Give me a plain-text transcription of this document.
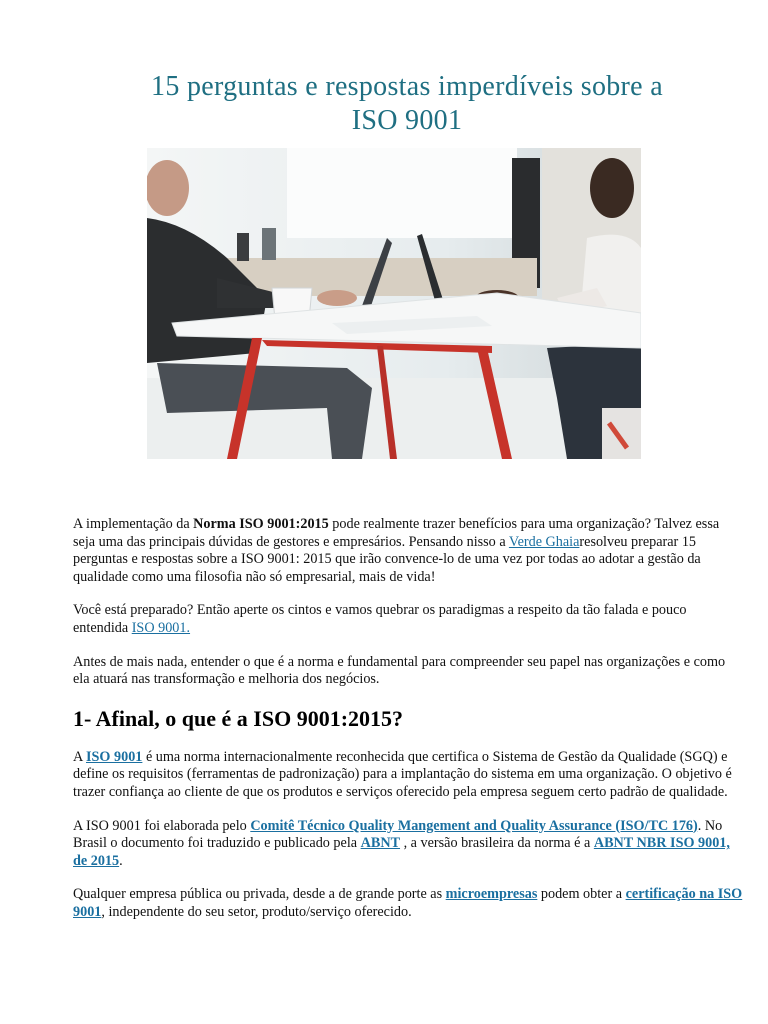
15 perguntas e respostas imperdíveis sobre a
ISO 9001

A implementação da Norma ISO 9001:2015 pode realmente trazer benefícios para uma organização? Talvez essa seja uma das principais dúvidas de gestores e empresários. Pensando nisso a Verde Ghaiaresolveu preparar 15 perguntas e respostas sobre a ISO 9001: 2015 que irão convence-lo de uma vez por todas ao adotar a gestão da qualidade como uma filosofia não só empresarial, mais de vida!

Você está preparado? Então aperte os cintos e vamos quebrar os paradigmas a respeito da tão falada e pouco entendida ISO 9001.

Antes de mais nada, entender o que é a norma e fundamental para compreender seu papel nas organizações e como ela atuará nas transformação e melhoria dos negócios.

1- Afinal, o que é a ISO 9001:2015?

A ISO 9001 é uma norma internacionalmente reconhecida que certifica o Sistema de Gestão da Qualidade (SGQ) e define os requisitos (ferramentas de padronização) para a implantação do sistema em uma organização. O objetivo é trazer confiança ao cliente de que os produtos e serviços oferecido pela empresa seguem certo padrão de qualidade.

A ISO 9001 foi elaborada pelo Comitê Técnico Quality Mangement and Quality Assurance (ISO/TC 176). No Brasil o documento foi traduzido e publicado pela ABNT , a versão brasileira da norma é a ABNT NBR ISO 9001, de 2015.

Qualquer empresa pública ou privada, desde a de grande porte as microempresas podem obter a certificação na ISO 9001, independente do seu setor, produto/serviço oferecido.
